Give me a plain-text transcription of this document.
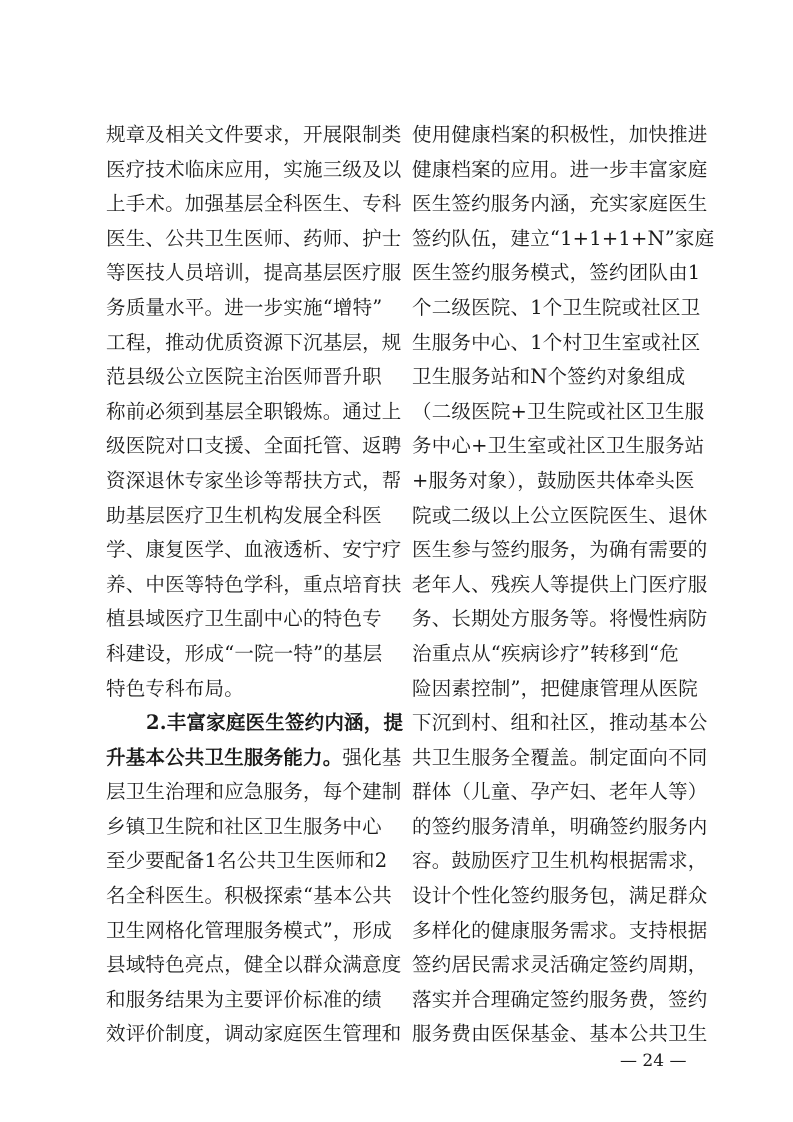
规章及相关文件要求，开展限制类
医疗技术临床应用，实施三级及以
上手术。加强基层全科医生、专科
医生、公共卫生医师、药师、护士
等医技人员培训，提高基层医疗服
务质量水平。进一步实施“增特”
工程，推动优质资源下沉基层，规
范县级公立医院主治医师晋升职
称前必须到基层全职锻炼。通过上
级医院对口支援、全面托管、返聘
资深退休专家坐诊等帮扶方式，帮
助基层医疗卫生机构发展全科医
学、康复医学、血液透析、安宁疗
养、中医等特色学科，重点培育扶
植县域医疗卫生副中心的特色专
科建设，形成“一院一特”的基层
特色专科布局。
2.丰富家庭医生签约内涵，提
升基本公共卫生服务能力。强化基
层卫生治理和应急服务，每个建制
乡镇卫生院和社区卫生服务中心
至少要配备1名公共卫生医师和2
名全科医生。积极探索“基本公共
卫生网格化管理服务模式”，形成
县域特色亮点，健全以群众满意度
和服务结果为主要评价标准的绩
效评价制度，调动家庭医生管理和
使用健康档案的积极性，加快推进
健康档案的应用。进一步丰富家庭
医生签约服务内涵，充实家庭医生
签约队伍，建立“1+1+1+N”家庭
医生签约服务模式，签约团队由1
个二级医院、1个卫生院或社区卫
生服务中心、1个村卫生室或社区
卫生服务站和N个签约对象组成
（二级医院+卫生院或社区卫生服
务中心+卫生室或社区卫生服务站
+服务对象），鼓励医共体牵头医
院或二级以上公立医院医生、退休
医生参与签约服务，为确有需要的
老年人、残疾人等提供上门医疗服
务、长期处方服务等。将慢性病防
治重点从“疾病诊疗”转移到“危
险因素控制”，把健康管理从医院
下沉到村、组和社区，推动基本公
共卫生服务全覆盖。制定面向不同
群体（儿童、孕产妇、老年人等）
的签约服务清单，明确签约服务内
容。鼓励医疗卫生机构根据需求，
设计个性化签约服务包，满足群众
多样化的健康服务需求。支持根据
签约居民需求灵活确定签约周期，
落实并合理确定签约服务费，签约
服务费由医保基金、基本公共卫生
— 24 —
